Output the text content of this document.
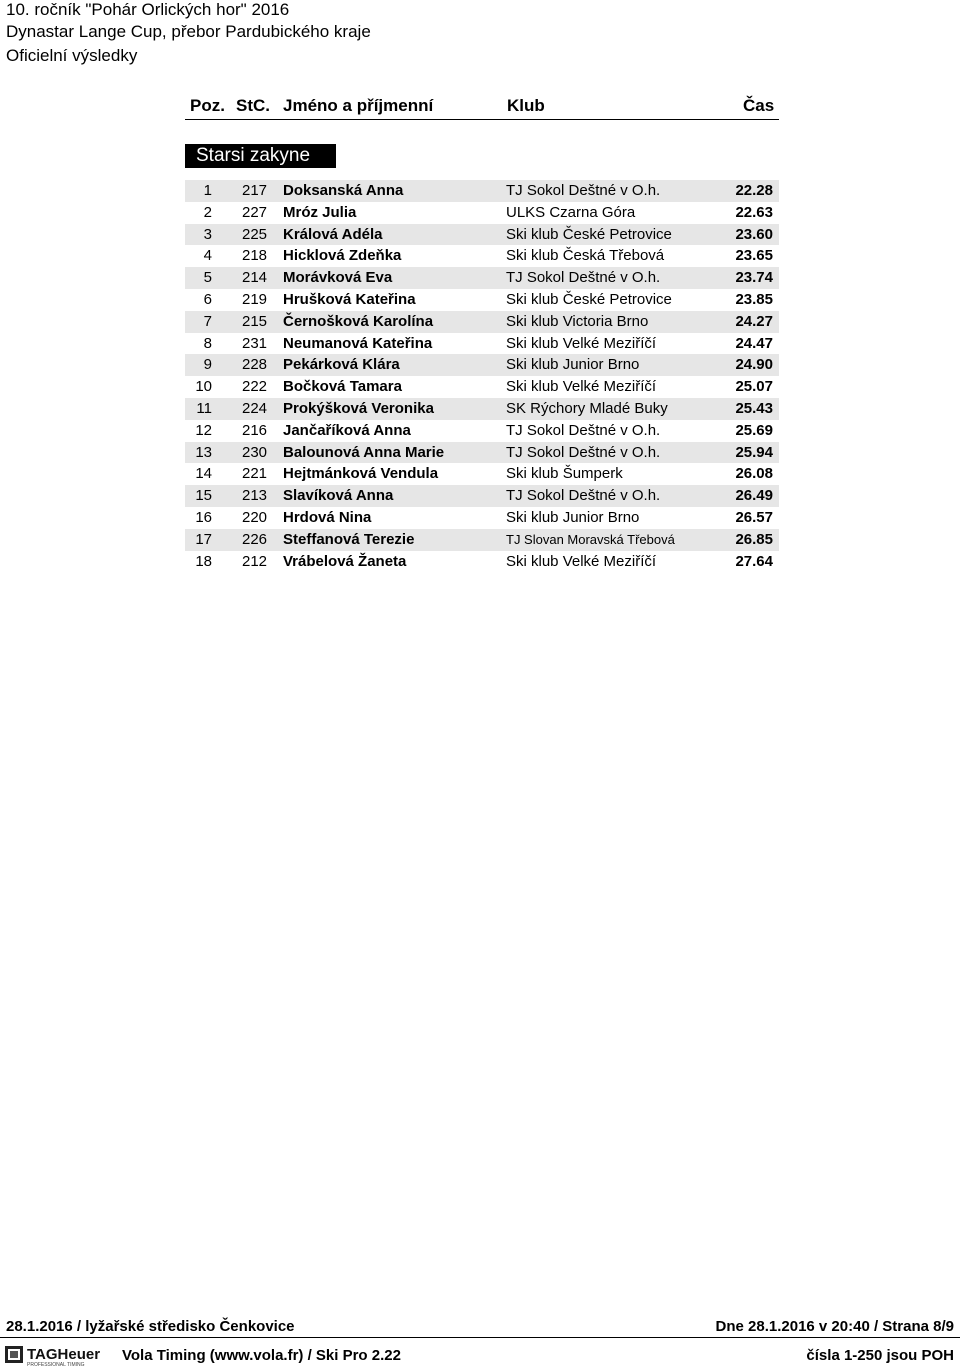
10. ročník "Pohár Orlických hor" 2016
Dynastar Lange Cup, přebor Pardubického kraje
Oficielní výsledky
Poz. StC. Jméno a příjmenní	Klub	Čas
Starsi zakyne
1 217 Doksanská Anna	TJ Sokol Deštné v O.h.	22.28
2 227 Mróz Julia	ULKS Czarna Góra	22.63
3 225 Králová Adéla	Ski klub České Petrovice	23.60
4 218 Hicklová Zdeňka	Ski klub Česká Třebová	23.65
5 214 Morávková Eva	TJ Sokol Deštné v O.h.	23.74
6 219 Hrušková Kateřina	Ski klub České Petrovice	23.85
7 215 Černošková Karolína	Ski klub Victoria Brno	24.27
8 231 Neumanová Kateřina	Ski klub Velké Meziříčí	24.47
9 228 Pekárková Klára	Ski klub Junior Brno	24.90
10 222 Bočková Tamara	Ski klub Velké Meziříčí	25.07
11 224 Prokýšková Veronika	SK Rýchory Mladé Buky	25.43
12 216 Jančaříková Anna	TJ Sokol Deštné v O.h.	25.69
13 230 Balounová Anna Marie	TJ Sokol Deštné v O.h.	25.94
14 221 Hejtmánková Vendula	Ski klub Šumperk	26.08
15 213 Slavíková Anna	TJ Sokol Deštné v O.h.	26.49
16 220 Hrdová Nina	Ski klub Junior Brno	26.57
17 226 Steffanová Terezie	TJ Slovan Moravská Třebová	26.85
18 212 Vrábelová Žaneta	Ski klub Velké Meziříčí	27.64
28.1.2016 / lyžařské středisko Čenkovice	Dne 28.1.2016 v 20:40 / Strana 8/9
TAGHeuer
PROFESSIONAL TIMING
Vola Timing (www.vola.fr) / Ski Pro 2.22	čísla 1-250 jsou POH
